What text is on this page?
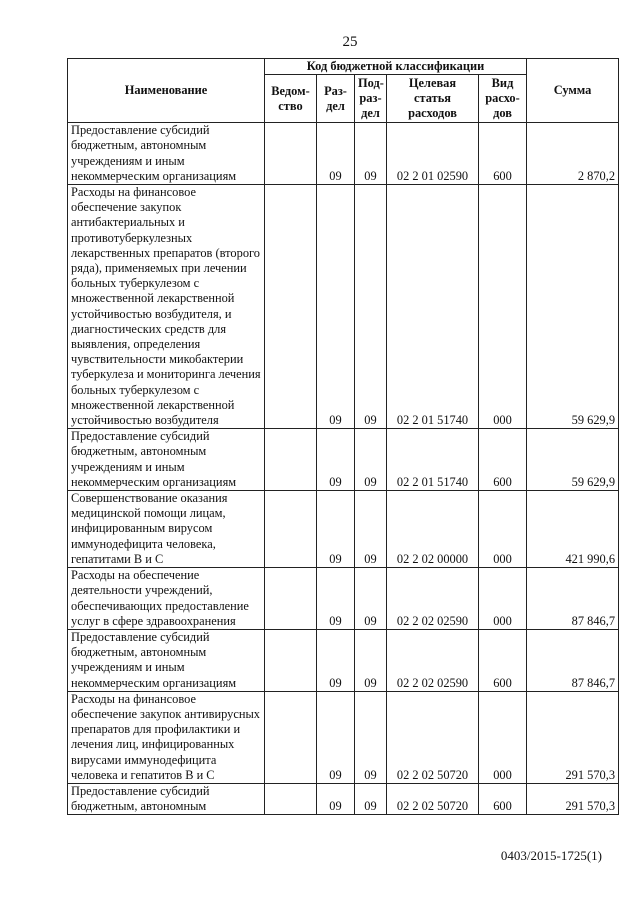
25
Наименование	Код бюджетной классификации					Сумма
	Ведом-ство	Раз-дел	Под-раз-дел	Целевая статья расходов	Вид расхо-дов	
Предоставление субсидий бюджетным, автономным учреждениям и иным некоммерческим организациям		09	09	02 2 01 02590	600	2 870,2
Расходы на финансовое обеспечение закупок антибактериальных и противотуберкулезных лекарственных препаратов (второго ряда), применяемых при лечении больных туберкулезом с множественной лекарственной устойчивостью возбудителя, и диагностических средств для выявления, определения чувствительности микобактерии туберкулеза и мониторинга лечения больных туберкулезом с множественной лекарственной устойчивостью возбудителя		09	09	02 2 01 51740	000	59 629,9
Предоставление субсидий бюджетным, автономным учреждениям и иным некоммерческим организациям		09	09	02 2 01 51740	600	59 629,9
Совершенствование оказания медицинской помощи лицам, инфицированным вирусом иммунодефицита человека, гепатитами В и С		09	09	02 2 02 00000	000	421 990,6
Расходы на обеспечение деятельности учреждений, обеспечивающих предоставление услуг в сфере здравоохранения		09	09	02 2 02 02590	000	87 846,7
Предоставление субсидий бюджетным, автономным учреждениям и иным некоммерческим организациям		09	09	02 2 02 02590	600	87 846,7
Расходы на финансовое обеспечение закупок антивирусных препаратов для профилактики и лечения лиц, инфицированных вирусами иммунодефицита человека и гепатитов В и С		09	09	02 2 02 50720	000	291 570,3
Предоставление субсидий бюджетным, автономным		09	09	02 2 02 50720	600	291 570,3
0403/2015-1725(1)
